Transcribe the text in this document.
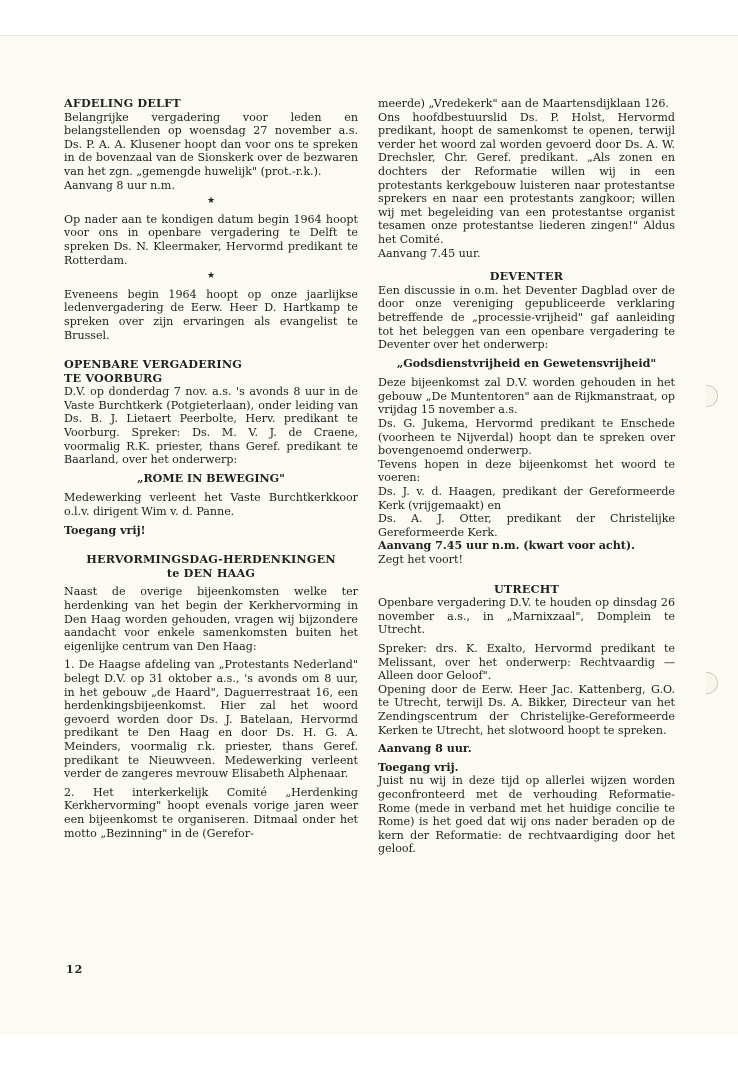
AFDELING DELFT

Belangrijke vergadering voor leden en belangstellenden op woensdag 27 november a.s. Ds. P. A. A. Klusener hoopt dan voor ons te spreken in de bovenzaal van de Sionskerk over de bezwaren van het zgn. „gemengde huwelijk" (prot.-r.k.).

Aanvang 8 uur n.m.

★

Op nader aan te kondigen datum begin 1964 hoopt voor ons in openbare vergadering te Delft te spreken Ds. N. Kleermaker, Hervormd predikant te Rotterdam.

★

Eveneens begin 1964 hoopt op onze jaarlijkse ledenvergadering de Eerw. Heer D. Hartkamp te spreken over zijn ervaringen als evangelist te Brussel.

OPENBARE VERGADERING

TE VOORBURG

D.V. op donderdag 7 nov. a.s. 's avonds 8 uur in de Vaste Burchtkerk (Potgieterlaan), onder leiding van Ds. B. J. Lietaert Peerbolte, Herv. predikant te Voorburg. Spreker: Ds. M. V. J. de Craene, voormalig R.K. priester, thans Geref. predikant te Baarland, over het onderwerp:

„ROME IN BEWEGING"

Medewerking verleent het Vaste Burchtkerkkoor o.l.v. dirigent Wim v. d. Panne.

Toegang vrij!

HERVORMINGSDAG-HERDENKINGEN

te DEN HAAG

Naast de overige bijeenkomsten welke ter herdenking van het begin der Kerkhervorming in Den Haag worden gehouden, vragen wij bijzondere aandacht voor enkele samenkomsten buiten het eigenlijke centrum van Den Haag:

1. De Haagse afdeling van „Protestants Nederland" belegt D.V. op 31 oktober a.s., 's avonds om 8 uur, in het gebouw „de Haard", Daguerrestraat 16, een herdenkingsbijeenkomst. Hier zal het woord gevoerd worden door Ds. J. Batelaan, Hervormd predikant te Den Haag en door Ds. H. G. A. Meinders, voormalig r.k. priester, thans Geref. predikant te Nieuwveen. Medewerking verleent verder de zangeres mevrouw Elisabeth Alphenaar.

2. Het interkerkelijk Comité „Herdenking Kerkhervorming" hoopt evenals vorige jaren weer een bijeenkomst te organiseren. Ditmaal onder het motto „Bezinning" in de (Gerefor-

meerde) „Vredekerk" aan de Maartensdijklaan 126.

Ons hoofdbestuurslid Ds. P. Holst, Hervormd predikant, hoopt de samenkomst te openen, terwijl verder het woord zal worden gevoerd door Ds. A. W. Drechsler, Chr. Geref. predikant. „Als zonen en dochters der Reformatie willen wij in een protestants kerkgebouw luisteren naar protestantse sprekers en naar een protestants zangkoor; willen wij met begeleiding van een protestantse organist tesamen onze protestantse liederen zingen!" Aldus het Comité.

Aanvang 7.45 uur.

DEVENTER

Een discussie in o.m. het Deventer Dagblad over de door onze vereniging gepubliceerde verklaring betreffende de „processie-vrijheid" gaf aanleiding tot het beleggen van een openbare vergadering te Deventer over het onderwerp:

„Godsdienstvrijheid en Gewetensvrijheid"

Deze bijeenkomst zal D.V. worden gehouden in het gebouw „De Muntentoren" aan de Rijkmanstraat, op vrijdag 15 november a.s.

Ds. G. Jukema, Hervormd predikant te Enschede (voorheen te Nijverdal) hoopt dan te spreken over bovengenoemd onderwerp.

Tevens hopen in deze bijeenkomst het woord te voeren:

Ds. J. v. d. Haagen, predikant der Gereformeerde Kerk (vrijgemaakt) en

Ds. A. J. Otter, predikant der Christelijke Gereformeerde Kerk.

Aanvang 7.45 uur n.m. (kwart voor acht).

Zegt het voort!

UTRECHT

Openbare vergadering D.V. te houden op dinsdag 26 november a.s., in „Marnixzaal", Domplein te Utrecht.

Spreker: drs. K. Exalto, Hervormd predikant te Melissant, over het onderwerp: Rechtvaardig — Alleen door Geloof".

Opening door de Eerw. Heer Jac. Kattenberg, G.O. te Utrecht, terwijl Ds. A. Bikker, Directeur van het Zendingscentrum der Christelijke-Gereformeerde Kerken te Utrecht, het slotwoord hoopt te spreken.

Aanvang 8 uur.

Toegang vrij.

Juist nu wij in deze tijd op allerlei wijzen worden geconfronteerd met de verhouding Reformatie-Rome (mede in verband met het huidige concilie te Rome) is het goed dat wij ons nader beraden op de kern der Reformatie: de rechtvaardiging door het geloof.

12
